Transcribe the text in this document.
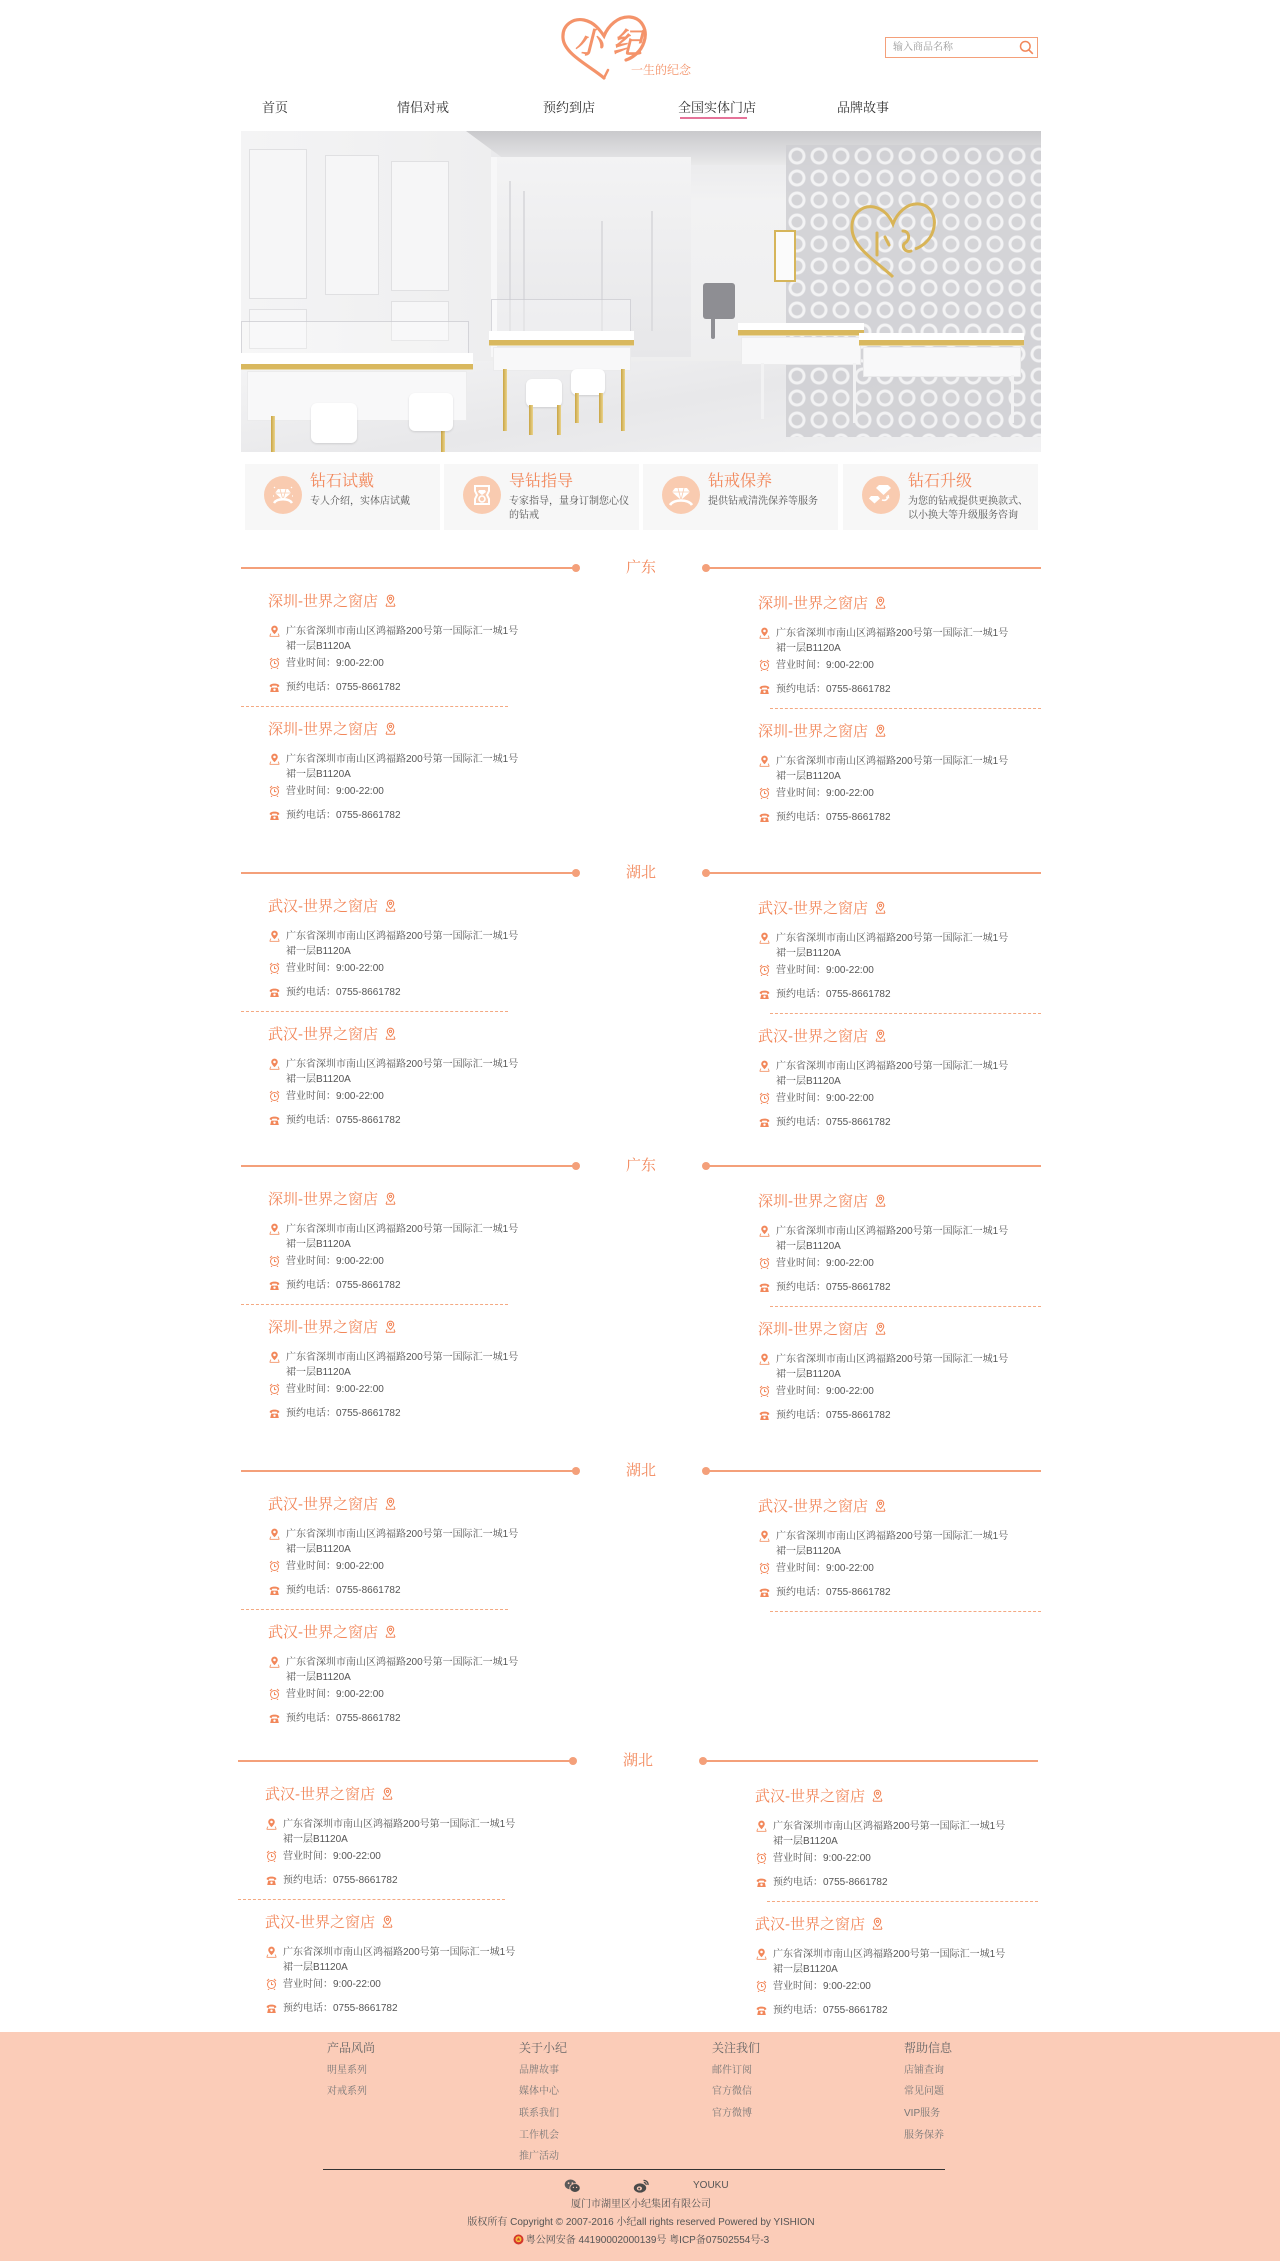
小纪
一生的纪念
输入商品名称
首页	情侣对戒	预约到店	全国实体门店	品牌故事
钻石试戴
专人介绍，实体店试戴
导钻指导
专家指导，量身订制您心仪的钻戒
钻戒保养
提供钻戒清洗保养等服务
钻石升级
为您的钻戒提供更换款式、以小换大等升级服务咨询
广东
深圳-世界之窗店
广东省深圳市南山区鸿福路200号第一国际汇一城1号裙一层B1120A
营业时间：9:00-22:00
预约电话：0755-8661782
深圳-世界之窗店
广东省深圳市南山区鸿福路200号第一国际汇一城1号裙一层B1120A
营业时间：9:00-22:00
预约电话：0755-8661782
深圳-世界之窗店
广东省深圳市南山区鸿福路200号第一国际汇一城1号裙一层B1120A
营业时间：9:00-22:00
预约电话：0755-8661782
深圳-世界之窗店
广东省深圳市南山区鸿福路200号第一国际汇一城1号裙一层B1120A
营业时间：9:00-22:00
预约电话：0755-8661782
湖北
武汉-世界之窗店
广东省深圳市南山区鸿福路200号第一国际汇一城1号裙一层B1120A
营业时间：9:00-22:00
预约电话：0755-8661782
武汉-世界之窗店
广东省深圳市南山区鸿福路200号第一国际汇一城1号裙一层B1120A
营业时间：9:00-22:00
预约电话：0755-8661782
武汉-世界之窗店
广东省深圳市南山区鸿福路200号第一国际汇一城1号裙一层B1120A
营业时间：9:00-22:00
预约电话：0755-8661782
武汉-世界之窗店
广东省深圳市南山区鸿福路200号第一国际汇一城1号裙一层B1120A
营业时间：9:00-22:00
预约电话：0755-8661782
广东
深圳-世界之窗店
广东省深圳市南山区鸿福路200号第一国际汇一城1号裙一层B1120A
营业时间：9:00-22:00
预约电话：0755-8661782
深圳-世界之窗店
广东省深圳市南山区鸿福路200号第一国际汇一城1号裙一层B1120A
营业时间：9:00-22:00
预约电话：0755-8661782
深圳-世界之窗店
广东省深圳市南山区鸿福路200号第一国际汇一城1号裙一层B1120A
营业时间：9:00-22:00
预约电话：0755-8661782
深圳-世界之窗店
广东省深圳市南山区鸿福路200号第一国际汇一城1号裙一层B1120A
营业时间：9:00-22:00
预约电话：0755-8661782
湖北
武汉-世界之窗店
广东省深圳市南山区鸿福路200号第一国际汇一城1号裙一层B1120A
营业时间：9:00-22:00
预约电话：0755-8661782
武汉-世界之窗店
广东省深圳市南山区鸿福路200号第一国际汇一城1号裙一层B1120A
营业时间：9:00-22:00
预约电话：0755-8661782
武汉-世界之窗店
广东省深圳市南山区鸿福路200号第一国际汇一城1号裙一层B1120A
营业时间：9:00-22:00
预约电话：0755-8661782
湖北
武汉-世界之窗店
广东省深圳市南山区鸿福路200号第一国际汇一城1号裙一层B1120A
营业时间：9:00-22:00
预约电话：0755-8661782
武汉-世界之窗店
广东省深圳市南山区鸿福路200号第一国际汇一城1号裙一层B1120A
营业时间：9:00-22:00
预约电话：0755-8661782
武汉-世界之窗店
广东省深圳市南山区鸿福路200号第一国际汇一城1号裙一层B1120A
营业时间：9:00-22:00
预约电话：0755-8661782
武汉-世界之窗店
广东省深圳市南山区鸿福路200号第一国际汇一城1号裙一层B1120A
营业时间：9:00-22:00
预约电话：0755-8661782
产品风尚
明星系列
对戒系列
关于小纪
品牌故事
媒体中心
联系我们
工作机会
推广活动
关注我们
邮件订阅
官方微信
官方微博
帮助信息
店铺查询
常见问题
VIP服务
服务保养
YOUKU
厦门市湖里区小纪集团有限公司
版权所有 Copyright © 2007-2016 小纪all rights reserved Powered by YISHION
粤公网安备 44190002000139号 粤ICP备07502554号-3
